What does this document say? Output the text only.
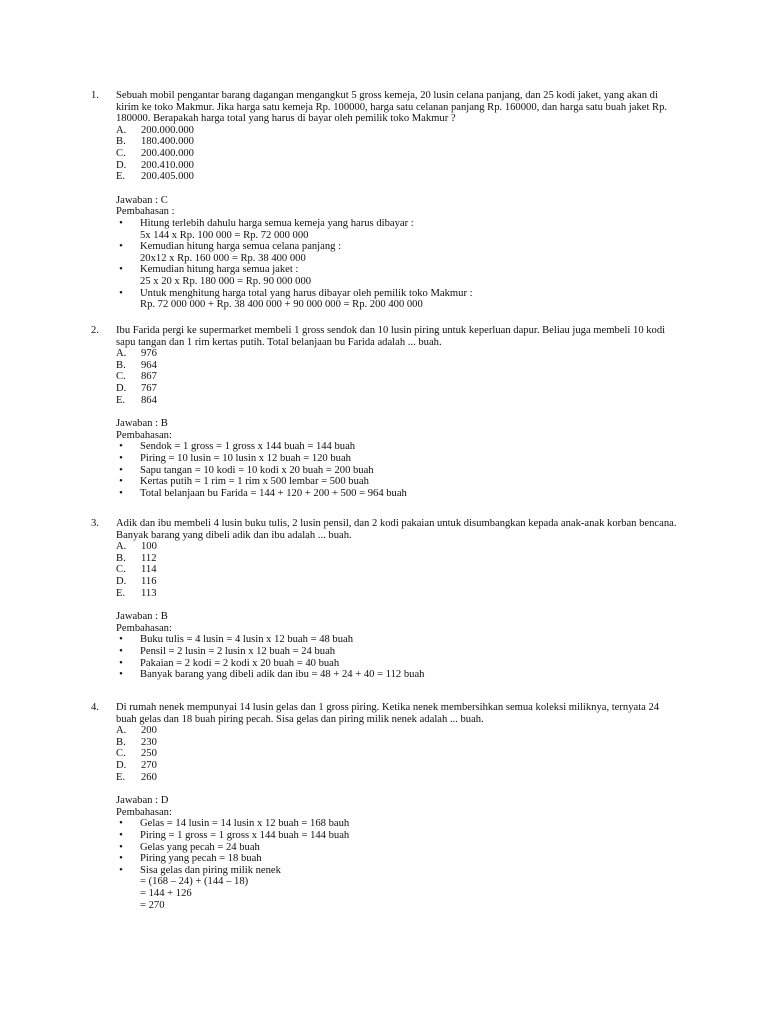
1.	Sebuah mobil pengantar barang dagangan mengangkut 5 gross kemeja, 20 lusin celana panjang, dan 25 kodi jaket, yang akan di kirim ke toko Makmur. Jika harga satu kemeja Rp. 100000, harga satu celanan panjang Rp. 160000, dan harga satu buah jaket Rp. 180000. Berapakah harga total yang harus di bayar oleh pemilik toko Makmur ?
A.	200.000.000
B.	180.400.000
C.	200.400.000
D.	200.410.000
E.	200.405.000
Jawaban : C
Pembahasan :
• Hitung terlebih dahulu harga semua kemeja yang harus dibayar :
5x 144 x Rp. 100 000 = Rp. 72 000 000
• Kemudian hitung harga semua celana panjang :
20x12 x Rp. 160 000 = Rp. 38 400 000
• Kemudian hitung harga semua jaket :
25 x 20 x Rp. 180 000 = Rp. 90 000 000
• Untuk menghitung harga total yang harus dibayar oleh pemilik toko Makmur :
Rp. 72 000 000 + Rp. 38 400 000 + 90 000 000 = Rp. 200 400 000
2.	Ibu Farida pergi ke supermarket membeli 1 gross sendok dan 10 lusin piring untuk keperluan dapur. Beliau juga membeli 10 kodi sapu tangan dan 1 rim kertas putih. Total belanjaan bu Farida adalah ... buah.
A.	976
B.	964
C.	867
D.	767
E.	864
Jawaban : B
Pembahasan:
• Sendok = 1 gross = 1 gross x 144 buah = 144 buah
• Piring = 10 lusin = 10 lusin x 12 buah = 120 buah
• Sapu tangan = 10 kodi = 10 kodi x 20 buah = 200 buah
• Kertas putih = 1 rim = 1 rim x 500 lembar = 500 buah
• Total belanjaan bu Farida = 144 + 120 + 200 + 500 = 964 buah
3.	Adik dan ibu membeli 4 lusin buku tulis, 2 lusin pensil, dan 2 kodi pakaian untuk disumbangkan kepada anak-anak korban bencana. Banyak barang yang dibeli adik dan ibu adalah ... buah.
A.	100
B.	112
C.	114
D.	116
E.	113
Jawaban : B
Pembahasan:
• Buku tulis = 4 lusin = 4 lusin x 12 buah = 48 buah
• Pensil = 2 lusin = 2 lusin x 12 buah = 24 buah
• Pakaian = 2 kodi = 2 kodi x 20 buah = 40 buah
• Banyak barang yang dibeli adik dan ibu = 48 + 24 + 40 = 112 buah
4.	Di rumah nenek mempunyai 14 lusin gelas dan 1 gross piring. Ketika nenek membersihkan semua koleksi miliknya, ternyata 24 buah gelas dan 18 buah piring pecah. Sisa gelas dan piring milik nenek adalah ... buah.
A.	200
B.	230
C.	250
D.	270
E.	260
Jawaban : D
Pembahasan:
• Gelas = 14 lusin = 14 lusin x 12 buah = 168 bauh
• Piring = 1 gross = 1 gross x 144 buah = 144 buah
• Gelas yang pecah = 24 buah
• Piring yang pecah = 18 buah
• Sisa gelas dan piring milik nenek
= (168 – 24) + (144 – 18)
= 144 + 126
= 270
